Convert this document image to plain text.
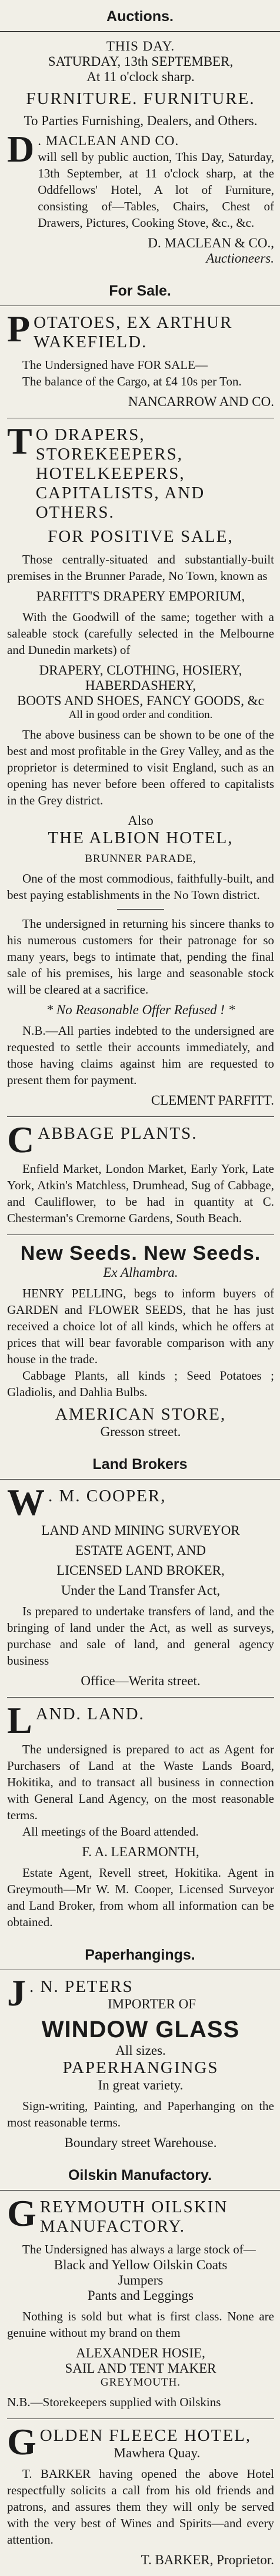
Auctions.

THIS DAY.

SATURDAY, 13th SEPTEMBER,

At 11 o'clock sharp.

FURNITURE. FURNITURE.

To Parties Furnishing, Dealers, and Others.

D . MACLEAN AND CO.

will sell by public auction, This Day, Saturday, 13th September, at 11 o'clock sharp, at the Oddfellows' Hotel, A lot of Furniture, consisting of—Tables, Chairs, Chest of Drawers, Pictures, Cooking Stove, &c., &c.

D. MACLEAN & CO.,

Auctioneers.

For Sale.
P OTATOES, EX ARTHUR WAKEFIELD.

The Undersigned have FOR SALE—

The balance of the Cargo, at £4 10s per Ton.

NANCARROW AND CO.

T O DRAPERS, STOREKEEPERS, HOTELKEEPERS, CAPITALISTS, AND OTHERS.

FOR POSITIVE SALE,

Those centrally-situated and substantially-built premises in the Brunner Parade, No Town, known as

PARFITT'S DRAPERY EMPORIUM,

With the Goodwill of the same; together with a saleable stock (carefully selected in the Melbourne and Dunedin markets) of

DRAPERY, CLOTHING, HOSIERY, HABERDASHERY,

BOOTS AND SHOES, FANCY GOODS, &c

All in good order and condition.

The above business can be shown to be one of the best and most profitable in the Grey Valley, and as the proprietor is determined to visit England, such as an opening has never before been offered to capitalists in the Grey district.

Also

THE ALBION HOTEL,

BRUNNER PARADE,

One of the most commodious, faithfully-built, and best paying establishments in the No Town district.

The undersigned in returning his sincere thanks to his numerous customers for their patronage for so many years, begs to intimate that, pending the final sale of his premises, his large and seasonable stock will be cleared at a sacrifice.

* No Reasonable Offer Refused ! *

N.B.—All parties indebted to the undersigned are requested to settle their accounts immediately, and those having claims against him are requested to present them for payment.

CLEMENT PARFITT.

C ABBAGE PLANTS.

Enfield Market, London Market, Early York, Late York, Atkin's Matchless, Drumhead, Sug of Cabbage, and Cauliflower, to be had in quantity at C. Chesterman's Cremorne Gardens, South Beach.

New Seeds. New Seeds.

Ex Alhambra.

HENRY PELLING, begs to inform buyers of GARDEN and FLOWER SEEDS, that he has just received a choice lot of all kinds, which he offers at prices that will bear favorable comparison with any house in the trade.

Cabbage Plants, all kinds ; Seed Potatoes ; Gladiolis, and Dahlia Bulbs.

AMERICAN STORE,

Gresson street.

Land Brokers
W . M. COOPER,

LAND AND MINING SURVEYOR

ESTATE AGENT, AND

LICENSED LAND BROKER,

Under the Land Transfer Act,

Is prepared to undertake transfers of land, and the bringing of land under the Act, as well as surveys, purchase and sale of land, and general agency business

Office—Werita street.

L AND. LAND.

The undersigned is prepared to act as Agent for Purchasers of Land at the Waste Lands Board, Hokitika, and to transact all business in connection with General Land Agency, on the most reasonable terms.

All meetings of the Board attended.

F. A. LEARMONTH,

Estate Agent, Revell street, Hokitika. Agent in Greymouth—Mr W. M. Cooper, Licensed Surveyor and Land Broker, from whom all information can be obtained.

Paperhangings.
J . N. PETERS

IMPORTER OF

WINDOW GLASS

All sizes.

PAPERHANGINGS

In great variety.

Sign-writing, Painting, and Paperhanging on the most reasonable terms.

Boundary street Warehouse.

Oilskin Manufactory.
G REYMOUTH OILSKIN MANUFACTORY.

The Undersigned has always a large stock of—

Black and Yellow Oilskin Coats

Jumpers

Pants and Leggings

Nothing is sold but what is first class. None are genuine without my brand on them

ALEXANDER HOSIE,

SAIL AND TENT MAKER

GREYMOUTH.

N.B.—Storekeepers supplied with Oilskins

G OLDEN FLEECE HOTEL,

Mawhera Quay.

T. BARKER having opened the above Hotel respectfully solicits a call from his old friends and patrons, and assures them they will only be served with the very best of Wines and Spirits—and every attention.

T. BARKER, Proprietor.
